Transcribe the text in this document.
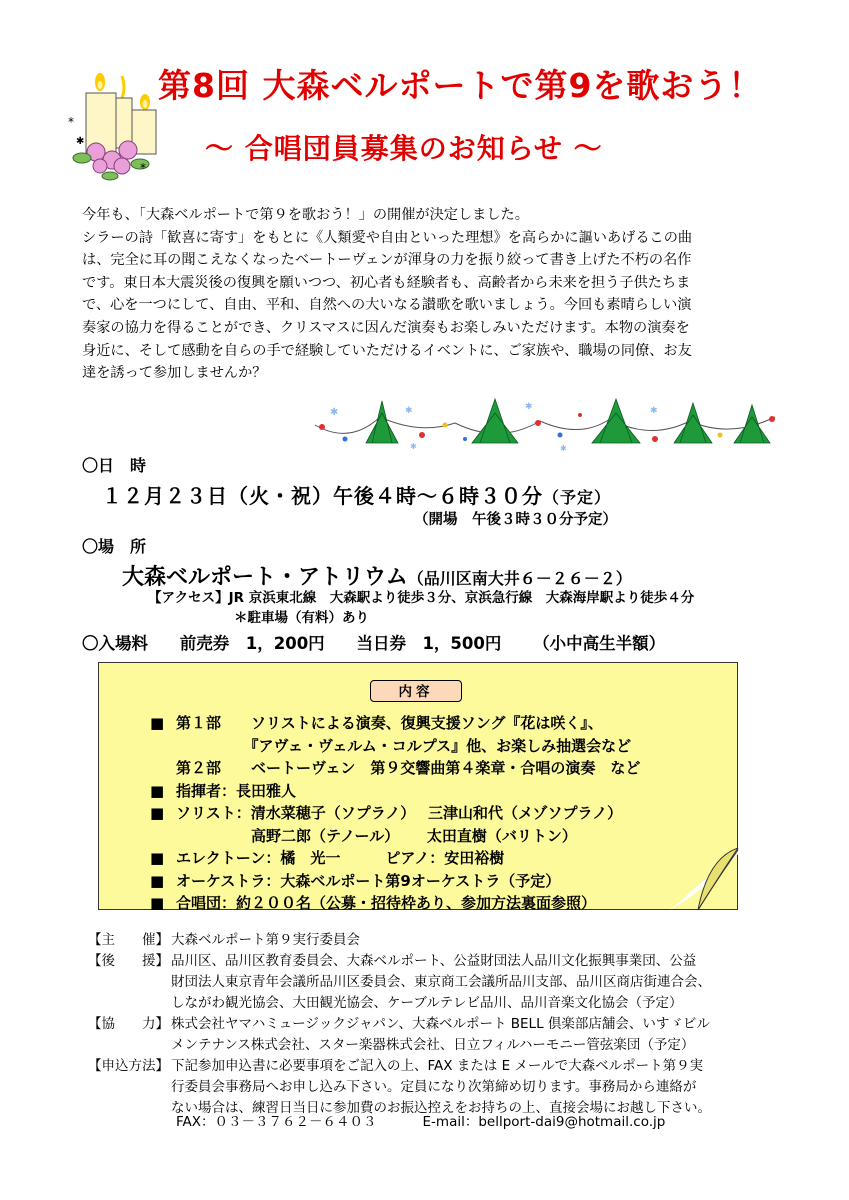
*
*
✱
第8回 大森ベルポートで第9を歌おう！
～ 合唱団員募集のお知らせ ～

今年も、「大森ベルポートで第９を歌おう！」の開催が決定しました。

シラーの詩「歓喜に寄す」をもとに《人類愛や自由といった理想》を高らかに謳いあげるこの曲

は、完全に耳の聞こえなくなったベートーヴェンが渾身の力を振り絞って書き上げた不朽の名作

です。東日本大震災後の復興を願いつつ、初心者も経験者も、高齢者から未来を担う子供たちま

で、心を一つにして、自由、平和、自然への大いなる讃歌を歌いましょう。今回も素晴らしい演

奏家の協力を得ることができ、クリスマスに因んだ演奏もお楽しみいただけます。本物の演奏を

身近に、そして感動を自らの手で経験していただけるイベントに、ご家族や、職場の同僚、お友

達を誘って参加しませんか？

✱	✱	✱	✱
✱	✱
〇日　時
１２月２３日（火・祝）午後４時～６時３０分（予定）
（開場　午後３時３０分予定）
〇場　所
大森ベルポート・アトリウム（品川区南大井６－２６－２）
【アクセス】JR 京浜東北線　大森駅より徒歩３分、京浜急行線　大森海岸駅より徒歩４分
＊駐車場（有料）あり
〇入場料 前売券　1，200円 当日券　1，500円 （小中高生半額）
内容
■ 第１部　　ソリストによる演奏、復興支援ソング『花は咲く』、
　　　　　『アヴェ・ヴェルム・コルプス』他、お楽しみ抽選会など
第２部　　ベートーヴェン　第９交響曲第４楽章・合唱の演奏　など
■ 指揮者：長田雅人
■ ソリスト：清水菜穂子（ソプラノ）　 三津山和代（メゾソプラノ）
　　　　　高野二郎（テノール）　　 太田直樹（バリトン）
■ エレクトーン：橘　光一　　　ピアノ：安田裕樹
■ オーケストラ：大森ベルポート第9オーケストラ（予定）
■ 合唱団：約２００名（公募・招待枠あり、参加方法裏面参照）
【主　　催】 大森ベルポート第９実行委員会
【後　　援】 品川区、品川区教育委員会、大森ベルポート、公益財団法人品川文化振興事業団、公益
財団法人東京青年会議所品川区委員会、東京商工会議所品川支部、品川区商店街連合会、
しながわ観光協会、大田観光協会、ケーブルテレビ品川、品川音楽文化協会（予定）
【協　　力】 株式会社ヤマハミュージックジャパン、大森ベルポート BELL 倶楽部店舗会、いすゞビル
メンテナンス株式会社、スター楽器株式会社、日立フィルハーモニー管弦楽団（予定）
【申込方法】 下記参加申込書に必要事項をご記入の上、FAX または E メールで大森ベルポート第９実
行委員会事務局へお申し込み下さい。定員になり次第締め切ります。事務局から連絡が
ない場合は、練習日当日に参加費のお振込控えをお持ちの上、直接会場にお越し下さい。
FAX：０３－３７６２－６４０３	E-mail：bellport-dai9@hotmail.co.jp
